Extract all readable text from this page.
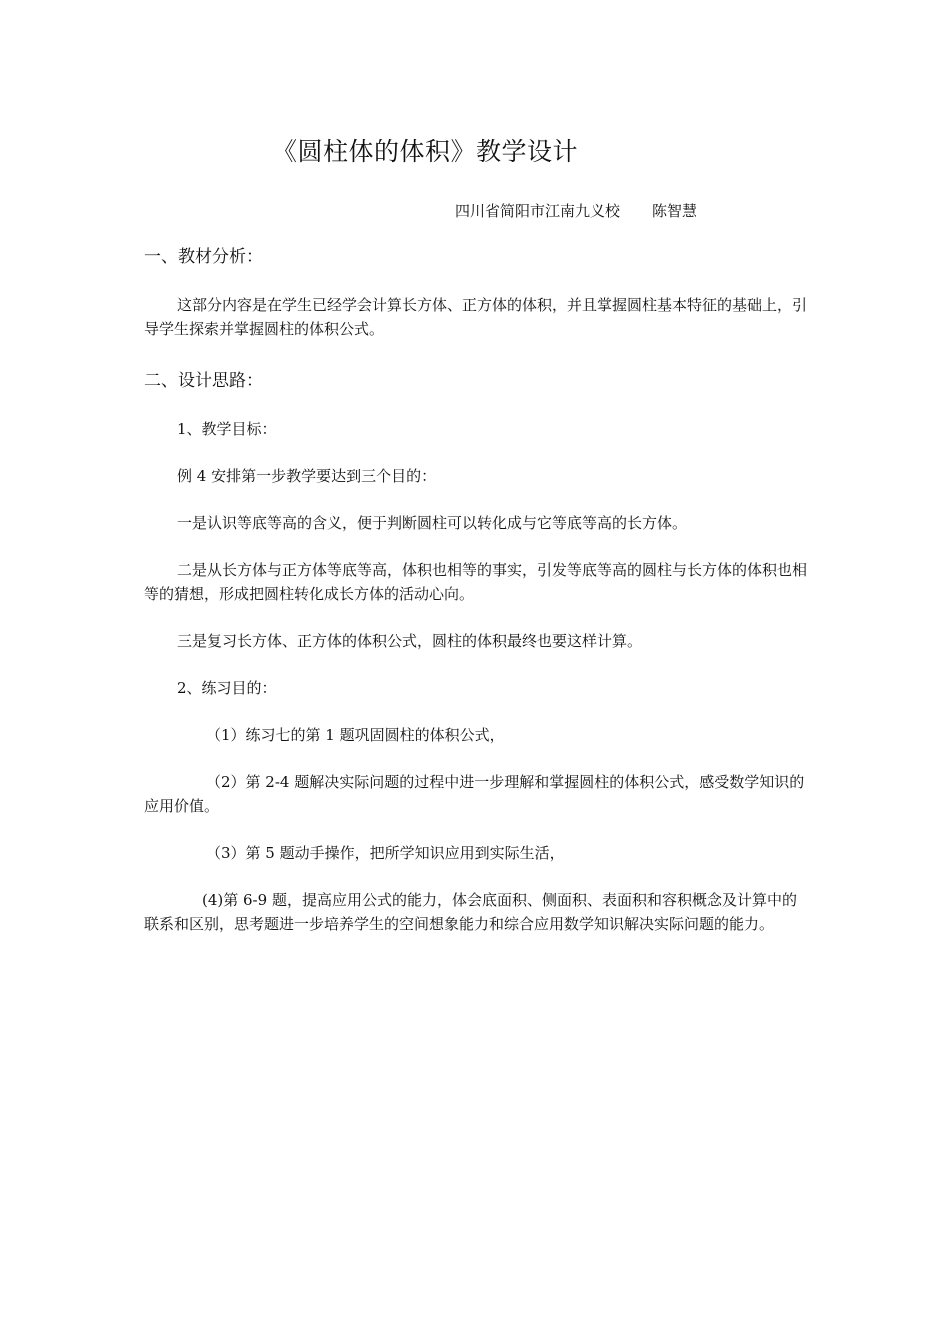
《圆柱体的体积》教学设计
四川省简阳市江南九义校 陈智慧
一、教材分析：
这部分内容是在学生已经学会计算长方体、正方体的体积，并且掌握圆柱基本特征的基础上，引导学生探索并掌握圆柱的体积公式。
二、设计思路：
1、教学目标：
例 4 安排第一步教学要达到三个目的：
一是认识等底等高的含义，便于判断圆柱可以转化成与它等底等高的长方体。
二是从长方体与正方体等底等高，体积也相等的事实，引发等底等高的圆柱与长方体的体积也相等的猜想，形成把圆柱转化成长方体的活动心向。
三是复习长方体、正方体的体积公式，圆柱的体积最终也要这样计算。
2、练习目的：
（1）练习七的第 1 题巩固圆柱的体积公式，
（2）第 2-4 题解决实际问题的过程中进一步理解和掌握圆柱的体积公式，感受数学知识的应用价值。
（3）第 5 题动手操作，把所学知识应用到实际生活，
(4)第 6-9 题，提高应用公式的能力，体会底面积、侧面积、表面积和容积概念及计算中的联系和区别，思考题进一步培养学生的空间想象能力和综合应用数学知识解决实际问题的能力。
